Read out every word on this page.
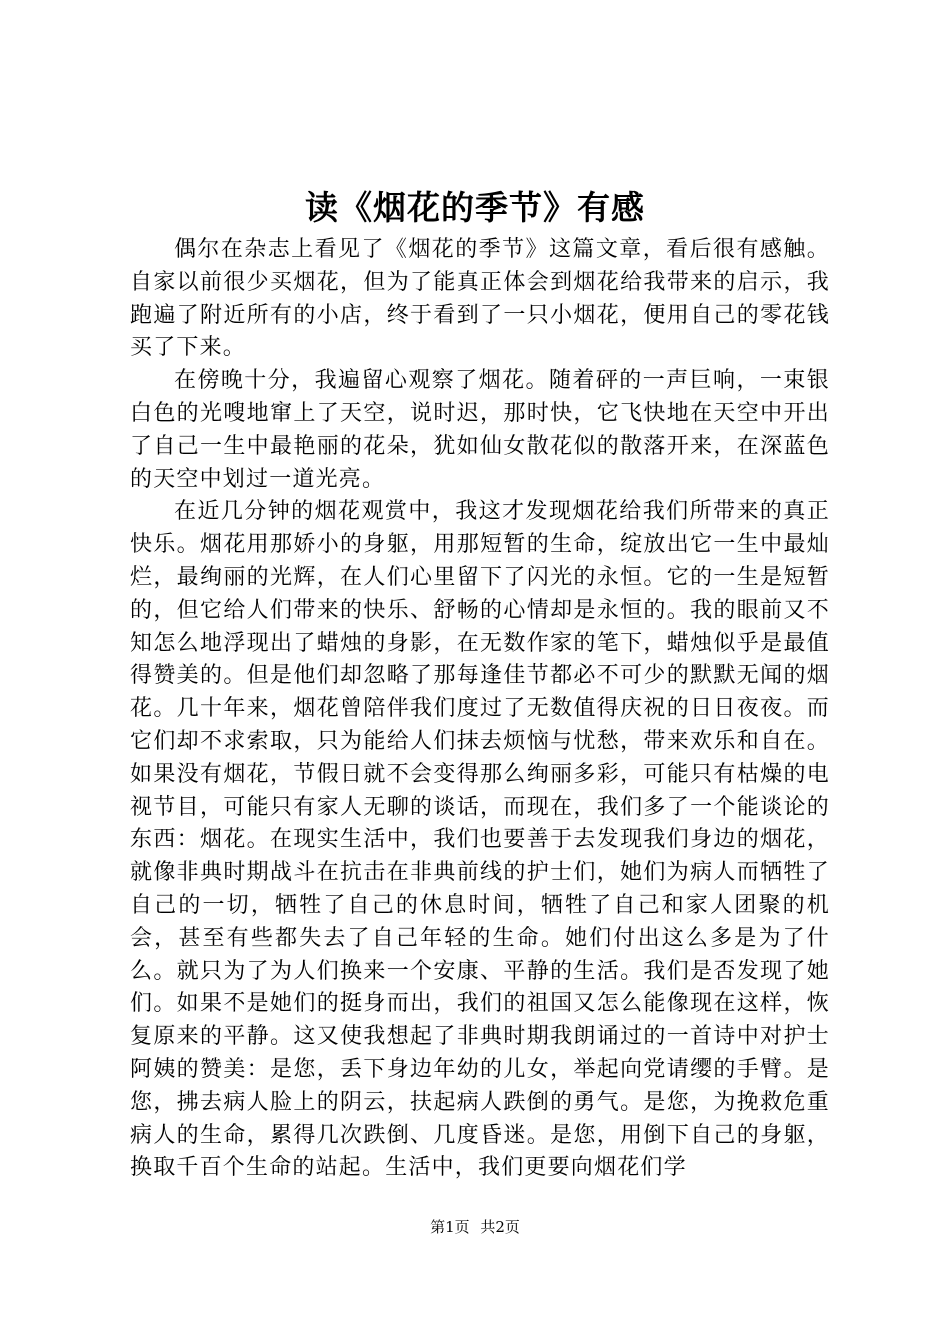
读《烟花的季节》有感

偶尔在杂志上看见了《烟花的季节》这篇文章，看后很有感触。自家以前很少买烟花，但为了能真正体会到烟花给我带来的启示，我跑遍了附近所有的小店，终于看到了一只小烟花，便用自己的零花钱买了下来。

在傍晚十分，我遍留心观察了烟花。随着砰的一声巨响，一束银白色的光嗖地窜上了天空，说时迟，那时快，它飞快地在天空中开出了自己一生中最艳丽的花朵，犹如仙女散花似的散落开来，在深蓝色的天空中划过一道光亮。

在近几分钟的烟花观赏中，我这才发现烟花给我们所带来的真正快乐。烟花用那娇小的身躯，用那短暂的生命，绽放出它一生中最灿烂，最绚丽的光辉，在人们心里留下了闪光的永恒。它的一生是短暂的，但它给人们带来的快乐、舒畅的心情却是永恒的。我的眼前又不知怎么地浮现出了蜡烛的身影，在无数作家的笔下，蜡烛似乎是最值得赞美的。但是他们却忽略了那每逢佳节都必不可少的默默无闻的烟花。几十年来，烟花曾陪伴我们度过了无数值得庆祝的日日夜夜。而它们却不求索取，只为能给人们抹去烦恼与忧愁，带来欢乐和自在。如果没有烟花，节假日就不会变得那么绚丽多彩，可能只有枯燥的电视节目，可能只有家人无聊的谈话，而现在，我们多了一个能谈论的东西：烟花。在现实生活中，我们也要善于去发现我们身边的烟花，就像非典时期战斗在抗击在非典前线的护士们，她们为病人而牺牲了自己的一切，牺牲了自己的休息时间，牺牲了自己和家人团聚的机会，甚至有些都失去了自己年轻的生命。她们付出这么多是为了什么。就只为了为人们换来一个安康、平静的生活。我们是否发现了她们。如果不是她们的挺身而出，我们的祖国又怎么能像现在这样，恢复原来的平静。这又使我想起了非典时期我朗诵过的一首诗中对护士阿姨的赞美：是您，丢下身边年幼的儿女，举起向党请缨的手臂。是您，拂去病人脸上的阴云，扶起病人跌倒的勇气。是您，为挽救危重病人的生命，累得几次跌倒、几度昏迷。是您，用倒下自己的身躯，换取千百个生命的站起。生活中，我们更要向烟花们学

第1页 共2页
